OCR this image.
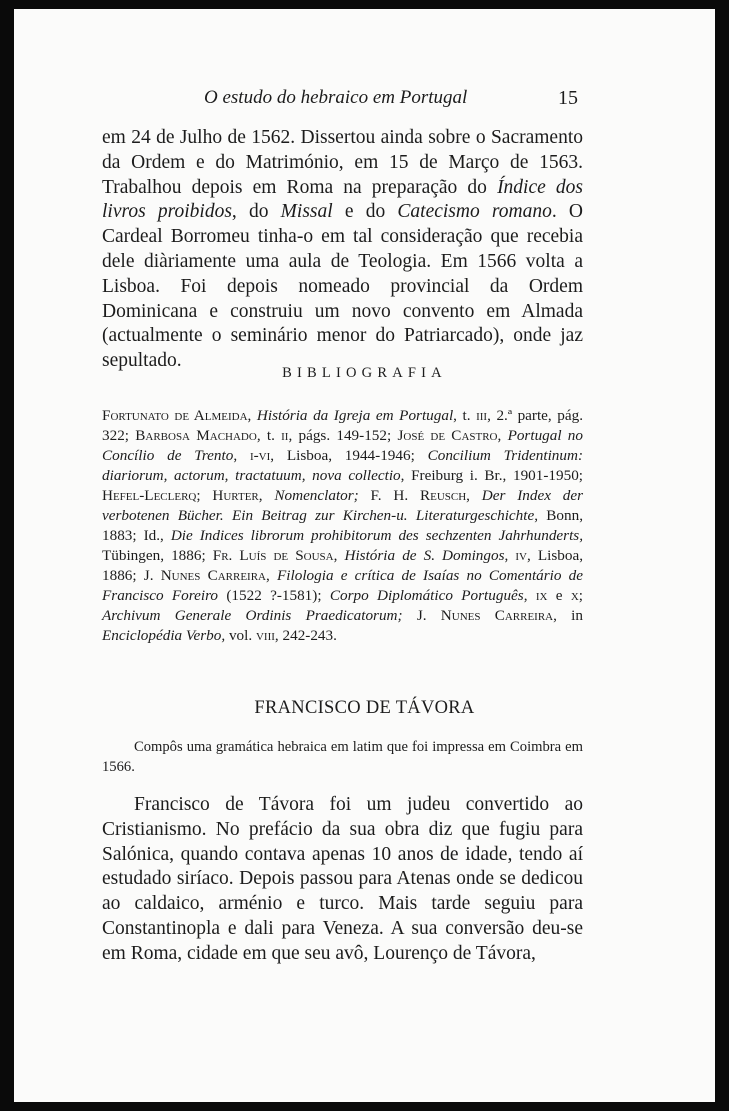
O estudo do hebraico em Portugal	15

em 24 de Julho de 1562. Dissertou ainda sobre o Sacramento da Ordem e do Matrimónio, em 15 de Março de 1563. Trabalhou depois em Roma na preparação do Índice dos livros proibidos, do Missal e do Catecismo romano. O Cardeal Borromeu tinha-o em tal consideração que recebia dele diàriamente uma aula de Teologia. Em 1566 volta a Lisboa. Foi depois nomeado provincial da Ordem Dominicana e construiu um novo convento em Almada (actualmente o seminário menor do Patriarcado), onde jaz sepultado.

BIBLIOGRAFIA

Fortunato de Almeida, História da Igreja em Portugal, t. iii, 2.ª parte, pág. 322; Barbosa Machado, t. ii, págs. 149-152; José de Castro, Portugal no Concílio de Trento, i-vi, Lisboa, 1944-1946; Concilium Tridentinum: diariorum, actorum, tractatuum, nova collectio, Freiburg i. Br., 1901-1950; Hefel-Leclerq; Hurter, Nomenclator; F. H. Reusch, Der Index der verbotenen Bücher. Ein Beitrag zur Kirchen-u. Literaturgeschichte, Bonn, 1883; Id., Die Indices librorum prohibitorum des sechzenten Jahrhunderts, Tübingen, 1886; Fr. Luís de Sousa, História de S. Domingos, iv, Lisboa, 1886; J. Nunes Carreira, Filologia e crítica de Isaías no Comentário de Francisco Foreiro (1522 ?-1581); Corpo Diplomático Português, ix e x; Archivum Generale Ordinis Praedicatorum; J. Nunes Carreira, in Enciclopédia Verbo, vol. viii, 242-243.

FRANCISCO DE TÁVORA

Compôs uma gramática hebraica em latim que foi impressa em Coimbra em 1566.

Francisco de Távora foi um judeu convertido ao Cristianismo. No prefácio da sua obra diz que fugiu para Salónica, quando contava apenas 10 anos de idade, tendo aí estudado siríaco. Depois passou para Atenas onde se dedicou ao caldaico, arménio e turco. Mais tarde seguiu para Constantinopla e dali para Veneza. A sua conversão deu-se em Roma, cidade em que seu avô, Lourenço de Távora,
